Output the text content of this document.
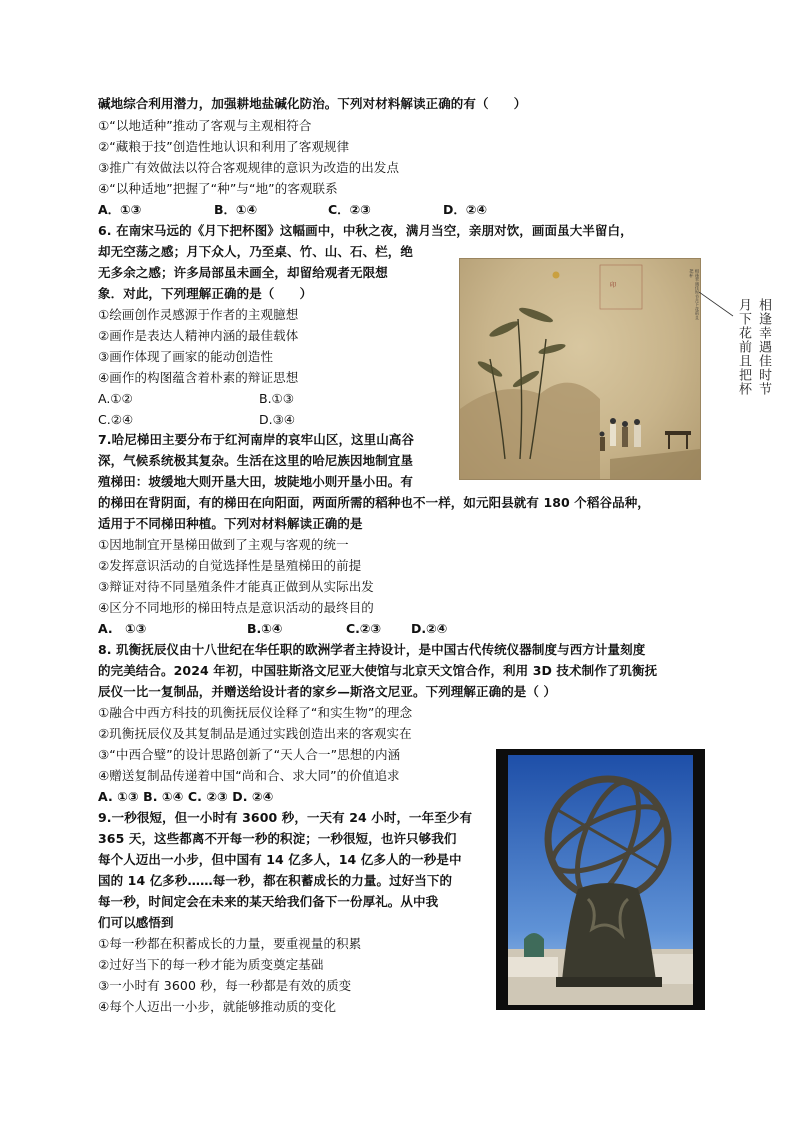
碱地综合利用潜力，加强耕地盐碱化防治。下列对材料解读正确的有（　　）
①“以地适种”推动了客观与主观相符合
②“藏粮于技”创造性地认识和利用了客观规律
③推广有效做法以符合客观规律的意识为改造的出发点
④“以种适地”把握了“种”与“地”的客观联系
6. 在南宋马远的《月下把杯图》这幅画中，中秋之夜，满月当空，亲朋对饮，画面虽大半留白，
却无空荡之感；月下众人，乃至桌、竹、山、石、栏，绝
无多余之感；许多局部虽未画全，却留给观者无限想
象．对此，下列理解正确的是（　　）
①绘画创作灵感源于作者的主观臆想
②画作是表达人精神内涵的最佳载体
③画作体现了画家的能动创造性
④画作的构图蕴含着朴素的辩证思想
7.哈尼梯田主要分布于红河南岸的哀牢山区，这里山高谷
深，气候系统极其复杂。生活在这里的哈尼族因地制宜垦
殖梯田：坡缓地大则开垦大田，坡陡地小则开垦小田。有
的梯田在背阴面，有的梯田在向阳面，两面所需的稻种也不一样，如元阳县就有 180 个稻谷品种，
适用于不同梯田种植。下列对材料解读正确的是
①因地制宜开垦梯田做到了主观与客观的统一
②发挥意识活动的自觉选择性是垦殖梯田的前提
③辩证对待不同垦殖条件才能真正做到从实际出发
④区分不同地形的梯田特点是意识活动的最终目的
8. 玑衡抚辰仪由十八世纪在华任职的欧洲学者主持设计，是中国古代传统仪器制度与西方计量刻度
的完美结合。2024 年初，中国驻斯洛文尼亚大使馆与北京天文馆合作，利用 3D 技术制作了玑衡抚
辰仪一比一复制品，并赠送给设计者的家乡—斯洛文尼亚。下列理解正确的是（ ）
①融合中西方科技的玑衡抚辰仪诠释了“和实生物”的理念
②玑衡抚辰仪及其复制品是通过实践创造出来的客观实在
③“中西合璧”的设计思路创新了“天人合一”思想的内涵
④赠送复制品传递着中国“尚和合、求大同”的价值追求
A. ①③ B. ①④ C. ②③ D. ②④
9.一秒很短，但一小时有 3600 秒，一天有 24 小时，一年至少有
365 天，这些都离不开每一秒的积淀；一秒很短，也许只够我们
每个人迈出一小步，但中国有 14 亿多人，14 亿多人的一秒是中
国的 14 亿多秒……每一秒，都在积蓄成长的力量。过好当下的
每一秒，时间定会在未来的某天给我们备下一份厚礼。从中我
们可以感悟到
①每一秒都在积蓄成长的力量，要重视量的积累
②过好当下的每一秒才能为质变奠定基础
③一小时有 3600 秒，每一秒都是有效的质变
④每个人迈出一小步，就能够推动质的变化
A．①③	B．①④	C．②③	D．②④
A.①②	B.①③
C.②④	D.③④
A.　①③	B.①④	C.②③ D.②④
印	相逢幸遇佳时节月下花前且把杯
相逢幸遇佳时节
月下花前且把杯
